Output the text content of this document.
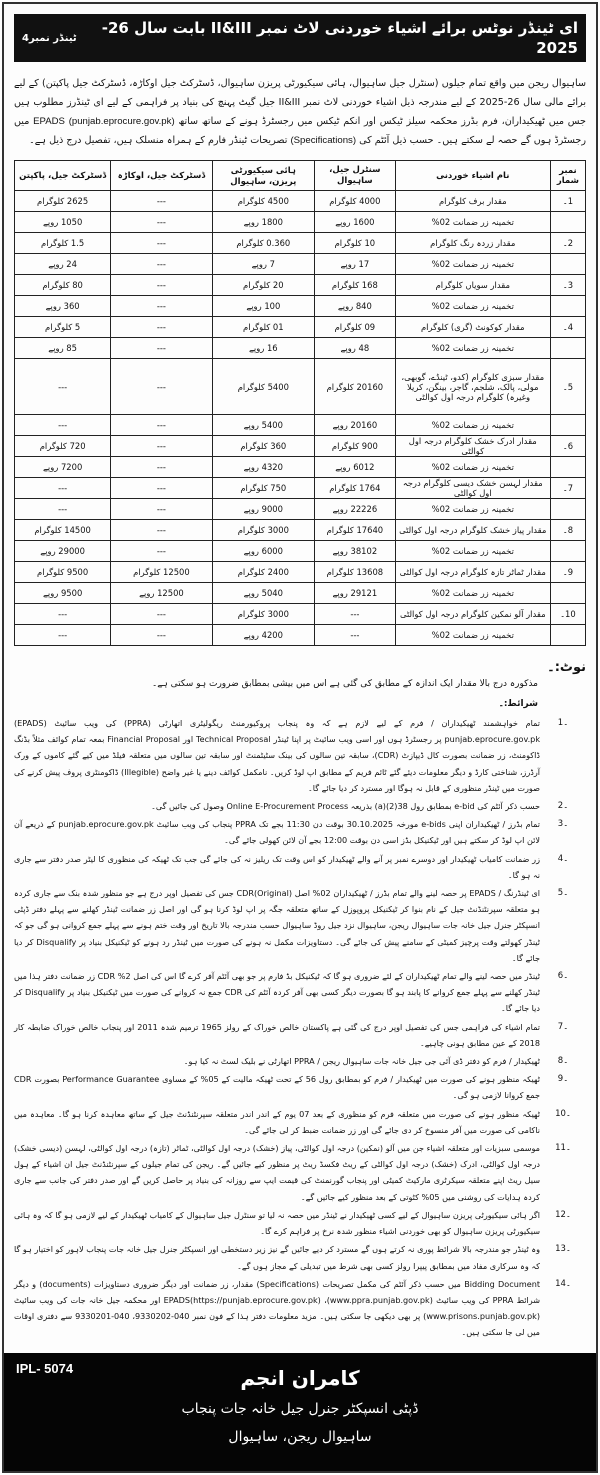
ای ٹینڈر نوٹس برائے اشیاء خوردنی لاٹ نمبر II&III بابت سال 26-2025
ٹینڈر نمبر4
ساہیوال ریجن میں واقع تمام جیلوں (سنٹرل جیل ساہیوال، ہائی سیکیورٹی پریزن ساہیوال، ڈسٹرکٹ جیل اوکاڑہ، ڈسٹرکٹ جیل پاکپتن) کے لیے برائے مالی سال 26-2025 کے لیے مندرجہ ذیل اشیاء خوردنی لاٹ نمبر II&III جیل گیٹ پہنچ کی بنیاد پر فراہمی کے لیے ای ٹینڈرز مطلوب ہیں جس میں ٹھیکیداران، فرم بڈرز محکمہ سیلز ٹیکس اور انکم ٹیکس میں رجسٹرڈ ہونے کے ساتھ ساتھ EPADS (punjab.eprocure.gov.pk) میں رجسٹرڈ ہوں گے حصہ لے سکتے ہیں۔ حسب ذیل آئٹم کی (Specifications) تصریحات ٹینڈر فارم کے ہمراہ منسلک ہیں، تفصیل درج ذیل ہے۔
نمبر شمار	نام اشیاء خوردنی	سنٹرل جیل، ساہیوال	ہائی سیکیورٹی پریزن، ساہیوال	ڈسٹرکٹ جیل، اوکاڑہ	ڈسٹرکٹ جیل، پاکپتن
1۔	مقدار برف کلوگرام	4000 کلوگرام	4500 کلوگرام	---	2625 کلوگرام
	تخمینہ زر ضمانت 02%	1600 روپے	1800 روپے	---	1050 روپے
2۔	مقدار زردہ رنگ کلوگرام	10 کلوگرام	0.360 کلوگرام	---	1.5 کلوگرام
	تخمینہ زر ضمانت 02%	17 روپے	7 روپے	---	24 روپے
3۔	مقدار سویاں کلوگرام	168 کلوگرام	20 کلوگرام	---	80 کلوگرام
	تخمینہ زر ضمانت 02%	840 روپے	100 روپے	---	360 روپے
4۔	مقدار کوکونٹ (گری) کلوگرام	09 کلوگرام	01 کلوگرام	---	5 کلوگرام
	تخمینہ زر ضمانت 02%	48 روپے	16 روپے	---	85 روپے
5۔	مقدار سبزی کلوگرام (کدو، ٹینڈے، گوبھی، مولی، پالک، شلجم، گاجر، بینگن، کریلا وغیرہ) کلوگرام درجہ اول کوالٹی	20160 کلوگرام	5400 کلوگرام	---	---
	تخمینہ زر ضمانت 02%	20160 روپے	5400 روپے	---	---
6۔	مقدار ادرک خشک کلوگرام درجہ اول کوالٹی	900 کلوگرام	360 کلوگرام	---	720 کلوگرام
	تخمینہ زر ضمانت 02%	6012 روپے	4320 روپے	---	7200 روپے
7۔	مقدار لہسن خشک دیسی کلوگرام درجہ اول کوالٹی	1764 کلوگرام	750 کلوگرام	---	---
	تخمینہ زر ضمانت 02%	22226 روپے	9000 روپے	---	---
8۔	مقدار پیاز خشک کلوگرام درجہ اول کوالٹی	17640 کلوگرام	3000 کلوگرام	---	14500 کلوگرام
	تخمینہ زر ضمانت 02%	38102 روپے	6000 روپے	---	29000 روپے
9۔	مقدار ٹماٹر تازہ کلوگرام درجہ اول کوالٹی	13608 کلوگرام	2400 کلوگرام	12500 کلوگرام	9500 کلوگرام
	تخمینہ زر ضمانت 02%	29121 روپے	5040 روپے	12500 روپے	9500 روپے
10۔	مقدار آلو نمکین کلوگرام درجہ اول کوالٹی	---	3000 کلوگرام	---	---
	تخمینہ زر ضمانت 02%	---	4200 روپے	---	---
نوٹ:۔
مذکورہ درج بالا مقدار ایک اندازہ کے مطابق کی گئی ہے اس میں بیشی بمطابق ضرورت ہو سکتی ہے۔
شرائط:۔
1۔
تمام خواہشمند ٹھیکیداران / فرم کے لیے لازم ہے کہ وہ پنجاب پروکیورمنٹ ریگولیٹری اتھارٹی (PPRA) کی ویب سائیٹ (EPADS) punjab.eprocure.gov.pk پر رجسٹرڈ ہوں اور اسی ویب سائیٹ پر اپنا ٹینڈر Technical Proposal اور Financial Proposal بمعہ تمام کوائف مثلاً بڈنگ ڈاکومنٹ، زر ضمانت بصورت کال ڈیپازٹ (CDR)، سابقہ تین سالوں کی بینک سٹیٹمنٹ اور سابقہ تین سالوں میں متعلقہ فیلڈ میں کیے گئے کاموں کے ورک آرڈرز، شناختی کارڈ و دیگر معلومات دیئے گئے ٹائم فریم کے مطابق اپ لوڈ کریں۔ نامکمل کوائف دینے یا غیر واضح (Illegible) ڈاکومنٹری پروف پیش کرنے کی صورت میں ٹینڈر منظوری کے قابل نہ ہوگا اور مسترد کر دیا جائے گا۔
2۔
حسب ذکر آئٹم کی e-bid بمطابق رول 38(2)(a) بذریعہ Online E-Procurement Process وصول کی جائیں گی۔
3۔
تمام بڈرز / ٹھیکیداران اپنی e-bids مورخہ 30.10.2025 بوقت دن 11:30 بجے تک PPRA پنجاب کی ویب سائیٹ punjab.eprocure.gov.pk کے ذریعے آن لائن اپ لوڈ کر سکتے ہیں اور ٹیکنیکل بڈز اسی دن بوقت 12:00 بجے آن لائن کھولی جائے گی۔
4۔
زر ضمانت کامیاب ٹھیکیدار اور دوسرے نمبر پر آنے والے ٹھیکیدار کو اس وقت تک ریلیز نہ کی جائے گی جب تک ٹھیکہ کی منظوری کا لیٹر صدر دفتر سے جاری نہ ہو گا۔
5۔
ای ٹینڈرنگ / EPADS پر حصہ لینے والے تمام بڈرز / ٹھیکیداران 02% اصل CDR(Original) جس کی تفصیل اوپر درج ہے جو منظور شدہ بنک سے جاری کردہ ہو متعلقہ سپرنٹنڈنٹ جیل کے نام بنوا کر ٹیکنیکل پروپوزل کے ساتھ متعلقہ جگہ پر اپ لوڈ کرنا ہو گی اور اصل زر ضمانت ٹینڈر کھلنے سے پہلے دفتر ڈپٹی انسپکٹر جنرل جیل خانہ جات ساہیوال ریجن، ساہیوال نزد جیل روڈ ساہیوال حسب مندرجہ بالا تاریخ اور وقت ختم ہونے سے پہلے جمع کروانی ہو گی جو کہ ٹینڈر کھولتے وقت پرچیز کمیٹی کے سامنے پیش کی جائے گی۔ دستاویزات مکمل نہ ہونے کی صورت میں ٹینڈر رد ہونے کو ٹیکنیکل بنیاد پر Disqualify کر دیا جائے گا۔
6۔
ٹینڈر میں حصہ لینے والے تمام ٹھیکیداران کے لئے ضروری ہو گا کہ ٹیکنیکل بڈ فارم پر جو بھی آئٹم آفر کرے گا اس کی اصل 2% CDR زر ضمانت دفتر ہذا میں ٹینڈر کھلنے سے پہلے جمع کروانے کا پابند ہو گا بصورت دیگر کسی بھی آفر کردہ آئٹم کی CDR جمع نہ کروانے کی صورت میں ٹیکنیکل بنیاد پر Disqualify کر دیا جائے گا۔
7۔
تمام اشیاء کی فراہمی جس کی تفصیل اوپر درج کی گئی ہے پاکستان خالص خوراک کے رولز 1965 ترمیم شدہ 2011 اور پنجاب خالص خوراک ضابطہ کار 2018 کے عین مطابق ہونی چاہیے۔
8۔
ٹھیکیدار / فرم کو دفتر ڈی آئی جی جیل خانہ جات ساہیوال ریجن / PPRA اتھارٹی نے بلیک لسٹ نہ کیا ہو۔
9۔
ٹھیکہ منظور ہونے کی صورت میں ٹھیکیدار / فرم کو بمطابق رول 56 کے تحت ٹھیکہ مالیت کے 05% کے مساوی Performance Guarantee بصورت CDR جمع کروانا لازمی ہو گی۔
10۔
ٹھیکہ منظور ہونے کی صورت میں متعلقہ فرم کو منظوری کے بعد 07 یوم کے اندر اندر متعلقہ سپرنٹنڈنٹ جیل کے ساتھ معاہدہ کرنا ہو گا۔ معاہدہ میں ناکامی کی صورت میں آفر منسوخ کر دی جائے گی اور زر ضمانت ضبط کر لی جائے گی۔
11۔
موسمی سبزیات اور متعلقہ اشیاء جن میں آلو (نمکین) درجہ اول کوالٹی، پیاز (خشک) درجہ اول کوالٹی، ٹماٹر (تازہ) درجہ اول کوالٹی، لہسن (دیسی خشک) درجہ اول کوالٹی، ادرک (خشک) درجہ اول کوالٹی کے ریٹ فکسڈ ریٹ پر منظور کیے جائیں گے۔ ریجن کی تمام جیلوں کے سپرنٹنڈنٹ جیل ان اشیاء کے ہول سیل ریٹ اپنے متعلقہ سیکرٹری مارکیٹ کمیٹی اور پنجاب گورنمنٹ کی قیمت ایپ سے روزانہ کی بنیاد پر حاصل کریں گے اور صدر دفتر کی جانب سے جاری کردہ ہدایات کی روشنی میں 05% کٹوتی کے بعد منظور کیے جائیں گے۔
12۔
اگر ہائی سیکیورٹی پریزن ساہیوال کے لیے کسی ٹھیکیدار نے ٹینڈر میں حصہ نہ لیا تو سنٹرل جیل ساہیوال کے کامیاب ٹھیکیدار کے لیے لازمی ہو گا کہ وہ ہائی سیکیورٹی پریزن ساہیوال کو بھی خوردنی اشیاء منظور شدہ نرخ پر فراہم کرے گا۔
13۔
وہ ٹینڈر جو مندرجہ بالا شرائط پوری نہ کرتے ہوں گے مسترد کر دیے جائیں گے نیز زیر دستخطی اور انسپکٹر جنرل جیل خانہ جات پنجاب لاہور کو اختیار ہو گا کہ وہ سرکاری مفاد میں بمطابق پیپرا رولز کسی بھی شرط میں تبدیلی کے مجاز ہوں گے۔
14۔
Bidding Document میں حسب ذکر آئٹم کی مکمل تصریحات (Specifications) مقدار، زر ضمانت اور دیگر ضروری دستاویزات (documents) و دیگر شرائط PPRA کی ویب سائیٹ (www.ppra.punjab.gov.pk)، EPADS(https://punjab.eprocure.gov.pk) اور محکمہ جیل خانہ جات کی ویب سائیٹ (www.prisons.punjab.gov.pk) پر بھی دیکھی جا سکتی ہیں۔ مزید معلومات دفتر ہذا کے فون نمبر 040-9330202، 040-9330201 سے دفتری اوقات میں لی جا سکتی ہیں۔
IPL- 5074	کامران انجم
ڈپٹی انسپکٹر جنرل جیل خانہ جات پنجاب
ساہیوال ریجن، ساہیوال
